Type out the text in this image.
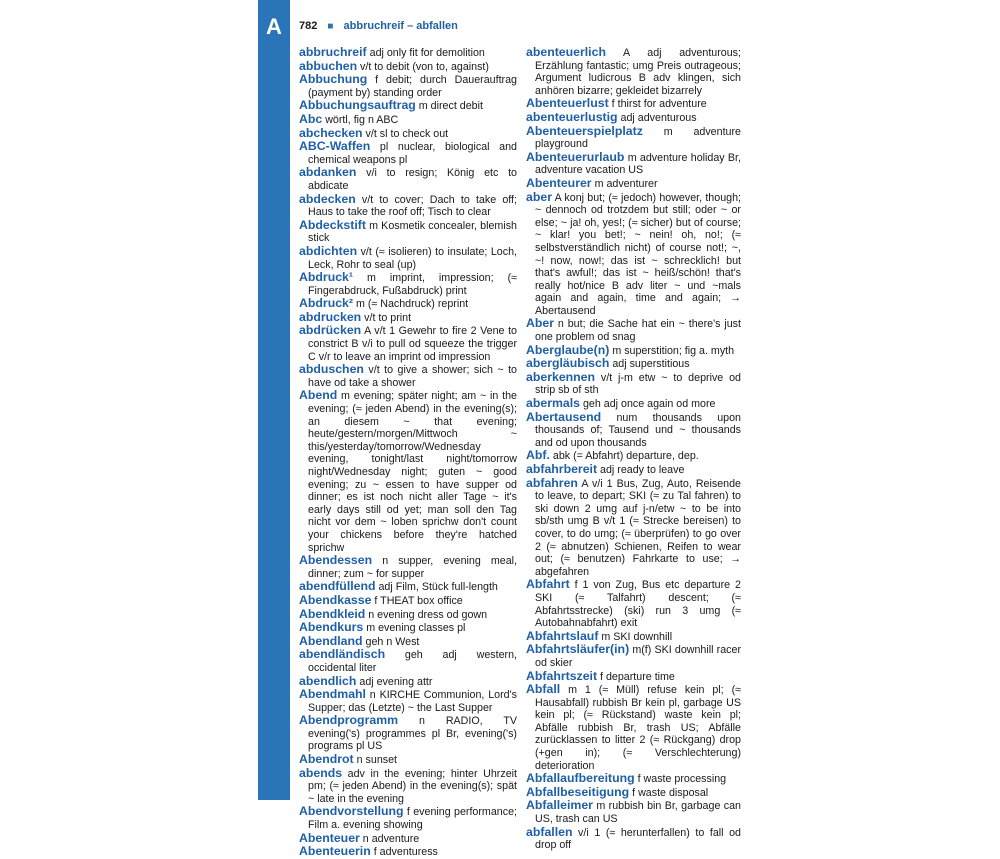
A	782 ■ abbruchreif – abfallen

abbruchreif adj only fit for demolition

abbuchen v/t to debit (von to, against)

Abbuchung f debit; durch Dauerauftrag (payment by) standing order

Abbuchungsauftrag m direct debit

Abc wörtl, fig n ABC

abchecken v/t sl to check out

ABC-Waffen pl nuclear, biological and chemical weapons pl

abdanken v/i to resign; König etc to abdicate

abdecken v/t to cover; Dach to take off; Haus to take the roof off; Tisch to clear

Abdeckstift m Kosmetik concealer, blemish stick

abdichten v/t (≈ isolieren) to insulate; Loch, Leck, Rohr to seal (up)

Abdruck¹ m imprint, impression; (≈ Fingerabdruck, Fußabdruck) print

Abdruck² m (≈ Nachdruck) reprint

abdrucken v/t to print

abdrücken A v/t 1 Gewehr to fire 2 Vene to constrict B v/i to pull od squeeze the trigger C v/r to leave an imprint od impression

abduschen v/t to give a shower; sich ~ to have od take a shower

Abend m evening; später night; am ~ in the evening; (≈ jeden Abend) in the evening(s); an diesem ~ that evening; heute/gestern/morgen/Mittwoch ~ this/yesterday/tomorrow/Wednesday evening, tonight/last night/tomorrow night/Wednesday night; guten ~ good evening; zu ~ essen to have supper od dinner; es ist noch nicht aller Tage ~ it's early days still od yet; man soll den Tag nicht vor dem ~ loben sprichw don't count your chickens before they're hatched sprichw

Abendessen n supper, evening meal, dinner; zum ~ for supper

abendfüllend adj Film, Stück full-length

Abendkasse f THEAT box office

Abendkleid n evening dress od gown

Abendkurs m evening classes pl

Abendland geh n West

abendländisch geh adj western, occidental liter

abendlich adj evening attr

Abendmahl n KIRCHE Communion, Lord's Supper; das (Letzte) ~ the Last Supper

Abendprogramm n RADIO, TV evening('s) programmes pl Br, evening('s) programs pl US

Abendrot n sunset

abends adv in the evening; hinter Uhrzeit pm; (≈ jeden Abend) in the evening(s); spät ~ late in the evening

Abendvorstellung f evening performance; Film a. evening showing

Abenteuer n adventure

Abenteuerin f adventuress

abenteuerlich A adj adventurous; Erzählung fantastic; umg Preis outrageous; Argument ludicrous B adv klingen, sich anhören bizarre; gekleidet bizarrely

Abenteuerlust f thirst for adventure

abenteuerlustig adj adventurous

Abenteuerspielplatz m adventure playground

Abenteuerurlaub m adventure holiday Br, adventure vacation US

Abenteurer m adventurer

aber A konj but; (≈ jedoch) however, though; ~ dennoch od trotzdem but still; oder ~ or else; ~ ja! oh, yes!; (≈ sicher) but of course; ~ klar! you bet!; ~ nein! oh, no!; (≈ selbstverständlich nicht) of course not!; ~, ~! now, now!; das ist ~ schrecklich! but that's awful!; das ist ~ heiß/schön! that's really hot/nice B adv liter ~ und ~mals again and again, time and again; → Abertausend

Aber n but; die Sache hat ein ~ there's just one problem od snag

Aberglaube(n) m superstition; fig a. myth

abergläubisch adj superstitious

aberkennen v/t j-m etw ~ to deprive od strip sb of sth

abermals geh adj once again od more

Abertausend num thousands upon thousands of; Tausend und ~ thousands and od upon thousands

Abf. abk (= Abfahrt) departure, dep.

abfahrbereit adj ready to leave

abfahren A v/i 1 Bus, Zug, Auto, Reisende to leave, to depart; SKI (≈ zu Tal fahren) to ski down 2 umg auf j-n/etw ~ to be into sb/sth umg B v/t 1 (≈ Strecke bereisen) to cover, to do umg; (≈ überprüfen) to go over 2 (≈ abnutzen) Schienen, Reifen to wear out; (≈ benutzen) Fahrkarte to use; → abgefahren

Abfahrt f 1 von Zug, Bus etc departure 2 SKI (≈ Talfahrt) descent; (≈ Abfahrtsstrecke) (ski) run 3 umg (≈ Autobahnabfahrt) exit

Abfahrtslauf m SKI downhill

Abfahrtsläufer(in) m(f) SKI downhill racer od skier

Abfahrtszeit f departure time

Abfall m 1 (≈ Müll) refuse kein pl; (≈ Hausabfall) rubbish Br kein pl, garbage US kein pl; (≈ Rückstand) waste kein pl; Abfälle rubbish Br, trash US; Abfälle zurücklassen to litter 2 (≈ Rückgang) drop (+gen in); (≈ Verschlechterung) deterioration

Abfallaufbereitung f waste processing

Abfallbeseitigung f waste disposal

Abfalleimer m rubbish bin Br, garbage can US, trash can US

abfallen v/i 1 (≈ herunterfallen) to fall od drop off
